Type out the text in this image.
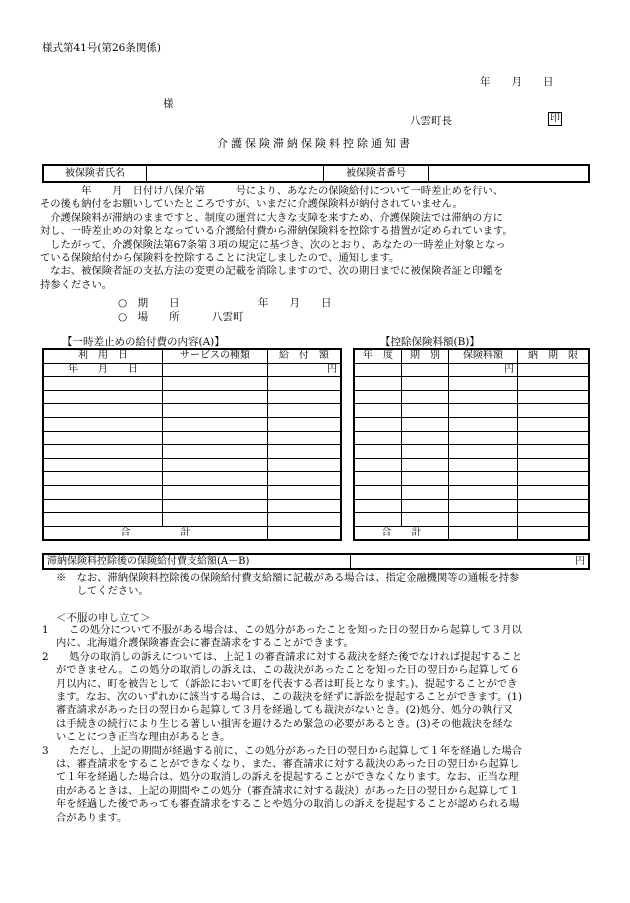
様式第41号(第26条関係)
年　　月　　日
様
八雲町長	印
介護保険滞納保険料控除通知書
被保険者氏名		被保険者番号	
　　　　年　　月　日付け八保介第　　　号により、あなたの保険給付について一時差止めを行い、
その後も納付をお願いしていたところですが、いまだに介護保険料が納付されていません。
　介護保険料が滞納のままですと、制度の運営に大きな支障を来すため、介護保険法では滞納の方に
対し、一時差止めの対象となっている介護給付費から滞納保険料を控除する措置が定められています。
　したがって、介護保険法第67条第３項の規定に基づき、次のとおり、あなたの一時差止対象となっ
ている保険給付から保険料を控除することに決定しましたので、通知します。
　なお、被保険者証の支払方法の変更の記載を消除しますので、次の期日までに被保険者証と印鑑を
持参ください。
○　期　　日	年　　月　　日
○　場　　所	八雲町
【一時差止めの給付費の内容(A)】	【控除保険料額(B)】
利　用　日	サービスの種類	給　付　額
年　　月　　日		円

合　　　　　計		
年　度	期　別	保険料額	納　期　限
		円	

合　　計			
滞納保険料控除後の保険給付費支給額(A－B)	円
※　なお、滞納保険料控除後の保険給付費支給額に記載がある場合は、指定金融機関等の通帳を持参
　　してください。
＜不服の申し立て＞
1　　この処分について不服がある場合は、この処分があったことを知った日の翌日から起算して３月以
内に、北海道介護保険審査会に審査請求をすることができます。
2　　処分の取消しの訴えについては、上記１の審査請求に対する裁決を経た後でなければ提起すること
ができません。この処分の取消しの訴えは、この裁決があったことを知った日の翌日から起算して６
月以内に、町を被告として（訴訟において町を代表する者は町長となります。)、提起することができ
ます。なお、次のいずれかに該当する場合は、この裁決を経ずに訴訟を提起することができます。(1)
審査請求があった日の翌日から起算して３月を経過しても裁決がないとき。(2)処分、処分の執行又
は手続きの続行により生じる著しい損害を避けるため緊急の必要があるとき。(3)その他裁決を経な
いことにつき正当な理由があるとき。
3　　ただし、上記の期間が経過する前に、この処分があった日の翌日から起算して１年を経過した場合
は、審査請求をすることができなくなり、また、審査請求に対する裁決のあった日の翌日から起算し
て１年を経過した場合は、処分の取消しの訴えを提起することができなくなります。なお、正当な理
由があるときは、上記の期間やこの処分（審査請求に対する裁決）があった日の翌日から起算して１
年を経過した後であっても審査請求をすることや処分の取消しの訴えを提起することが認められる場
合があります。
